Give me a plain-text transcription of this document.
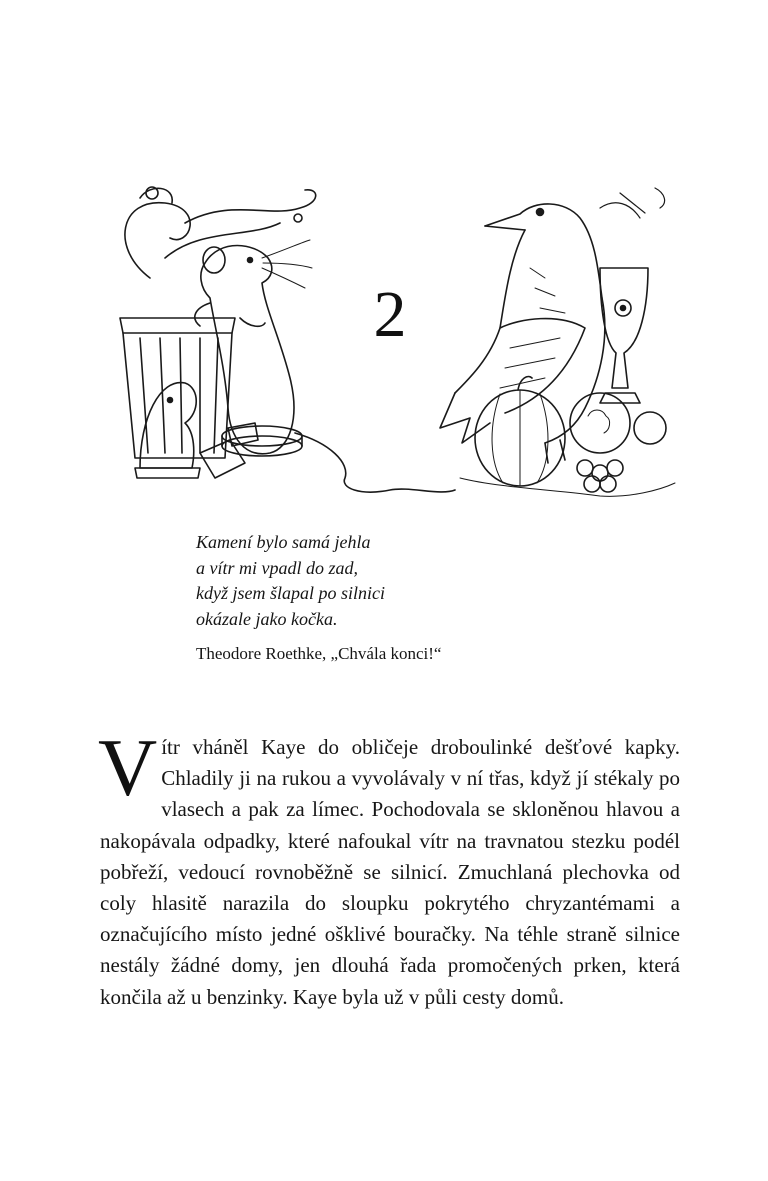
2
Kamení bylo samá jehla
a vítr mi vpadl do zad,
když jsem šlapal po silnici
okázale jako kočka.
Theodore Roethke, „Chvála konci!“
Vítr vháněl Kaye do obličeje droboulinké dešťové kapky. Chladily ji na rukou a vyvolávaly v ní třas, když jí stékaly po vlasech a pak za límec. Pochodovala se skloněnou hlavou a nakopávala odpadky, které nafoukal vítr na travnatou stezku podél pobřeží, vedoucí rovnoběžně se silnicí. Zmuchlaná plechovka od coly hlasitě narazila do sloupku pokrytého chryzantémami a označujícího místo jedné ošklivé bouračky. Na téhle straně silnice nestály žádné domy, jen dlouhá řada promočených prken, která končila až u benzinky. Kaye byla už v půli cesty domů.
